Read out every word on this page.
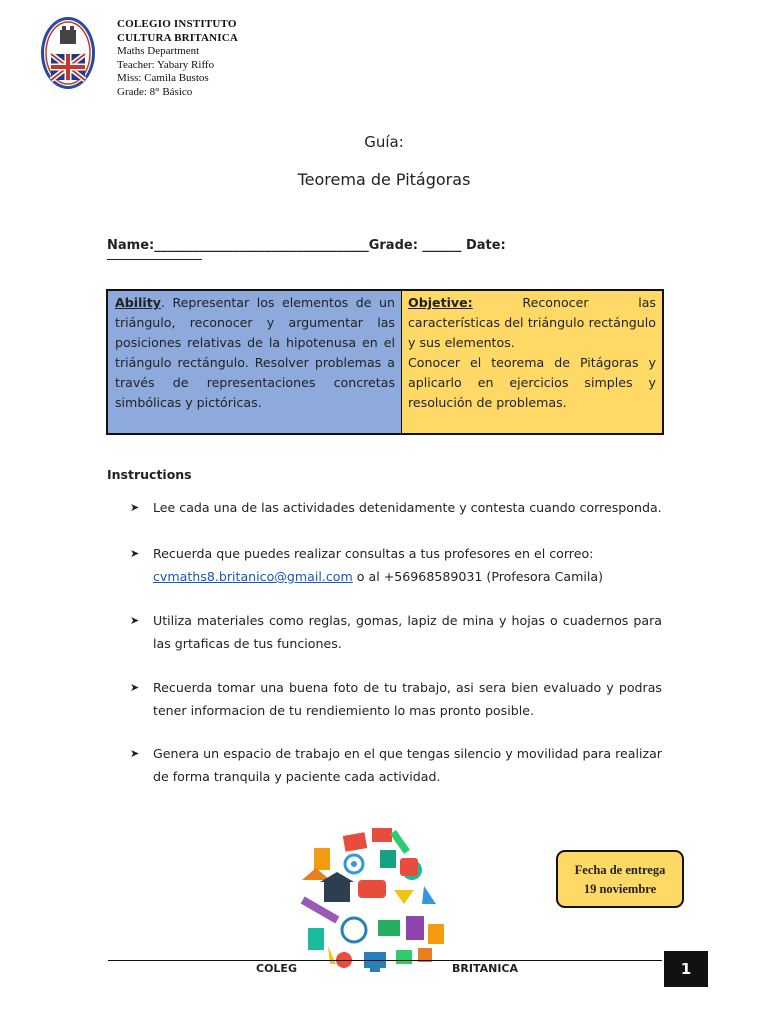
COLEGIO INSTITUTO
CULTURA BRITANICA
Maths Department
Teacher: Yabary Riffo
Miss: Camila Bustos
Grade: 8° Básico
Guía:
Teorema de Pitágoras
Name:_________________________________Grade: ______ Date:
Ability. Representar los elementos de un triángulo, reconocer y argumentar las posiciones relativas de la hipotenusa en el triángulo rectángulo. Resolver problemas a través de representaciones concretas simbólicas y pictóricas.
Objetive:	Reconocer	las

características del triángulo rectángulo y sus elementos.

Conocer el teorema de Pitágoras y aplicarlo en ejercicios simples y resolución de problemas.

Instructions
➤ Lee cada una de las actividades detenidamente y contesta cuando corresponda.
➤ Recuerda que puedes realizar consultas a tus profesores en el correo:
cvmaths8.britanico@gmail.com o al +56968589031 (Profesora Camila)
➤ Utiliza materiales como reglas, gomas, lapiz de mina y hojas o cuadernos para las grtaficas de tus funciones.
➤ Recuerda tomar una buena foto de tu trabajo, asi sera bien evaluado y podras tener informacion de tu rendiemiento lo mas pronto posible.
➤ Genera un espacio de trabajo en el que tengas silencio y movilidad para realizar de forma tranquila y paciente cada actividad.
Fecha de entrega
19 noviembre
COLEG	BRITANICA	1
